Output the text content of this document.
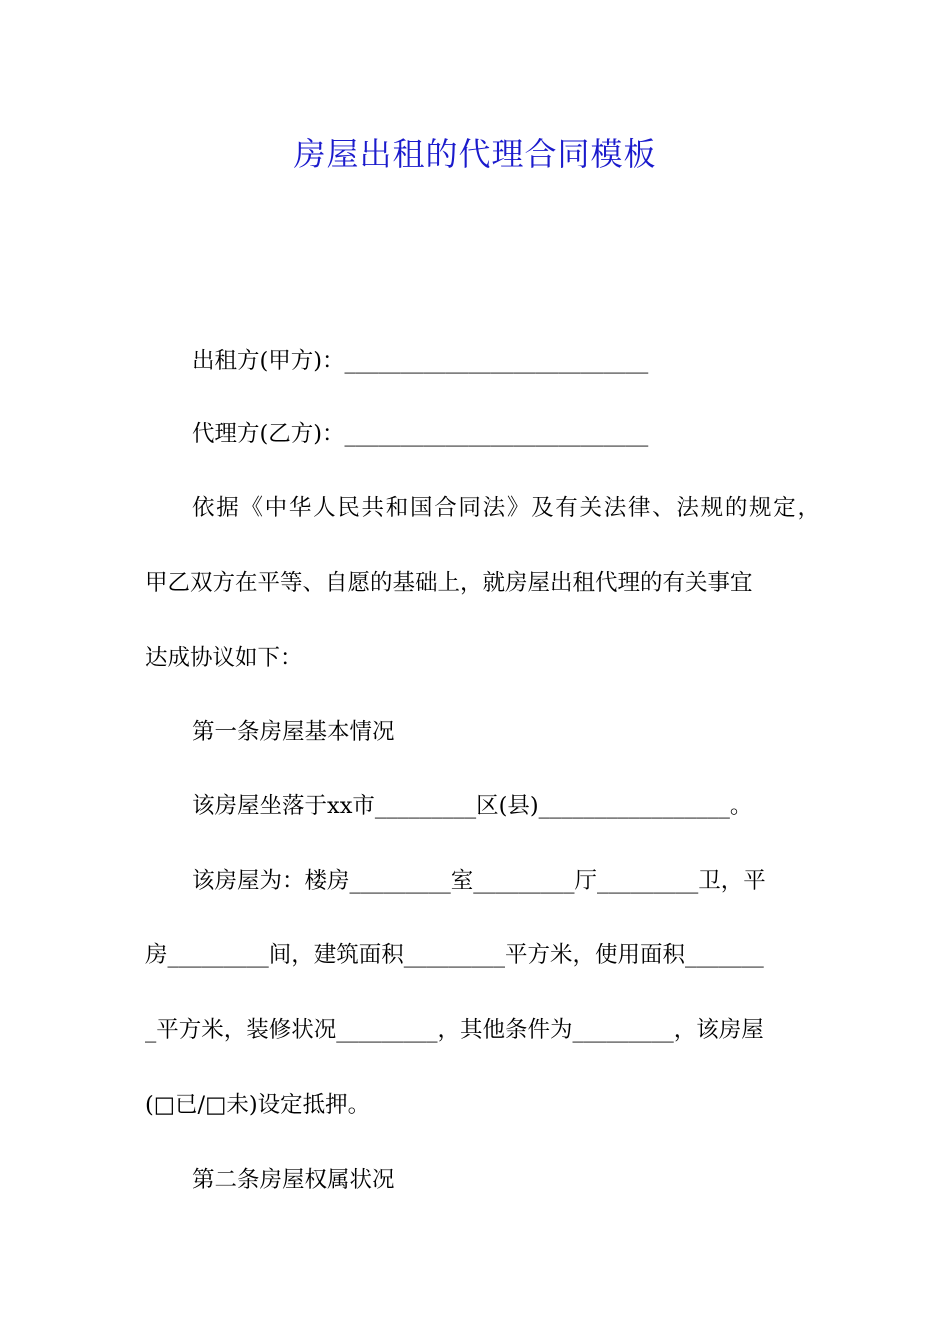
房屋出租的代理合同模板

出租方(甲方)：___________________________

代理方(乙方)：___________________________

依据《中华人民共和国合同法》及有关法律、法规的规定，

甲乙双方在平等、自愿的基础上，就房屋出租代理的有关事宜

达成协议如下：

第一条房屋基本情况

该房屋坐落于xx市_________区(县)_________________。

该房屋为：楼房_________室_________厅_________卫，平

房_________间，建筑面积_________平方米，使用面积_______

_平方米，装修状况_________，其他条件为_________，该房屋

(□已/□未)设定抵押。

第二条房屋权属状况
